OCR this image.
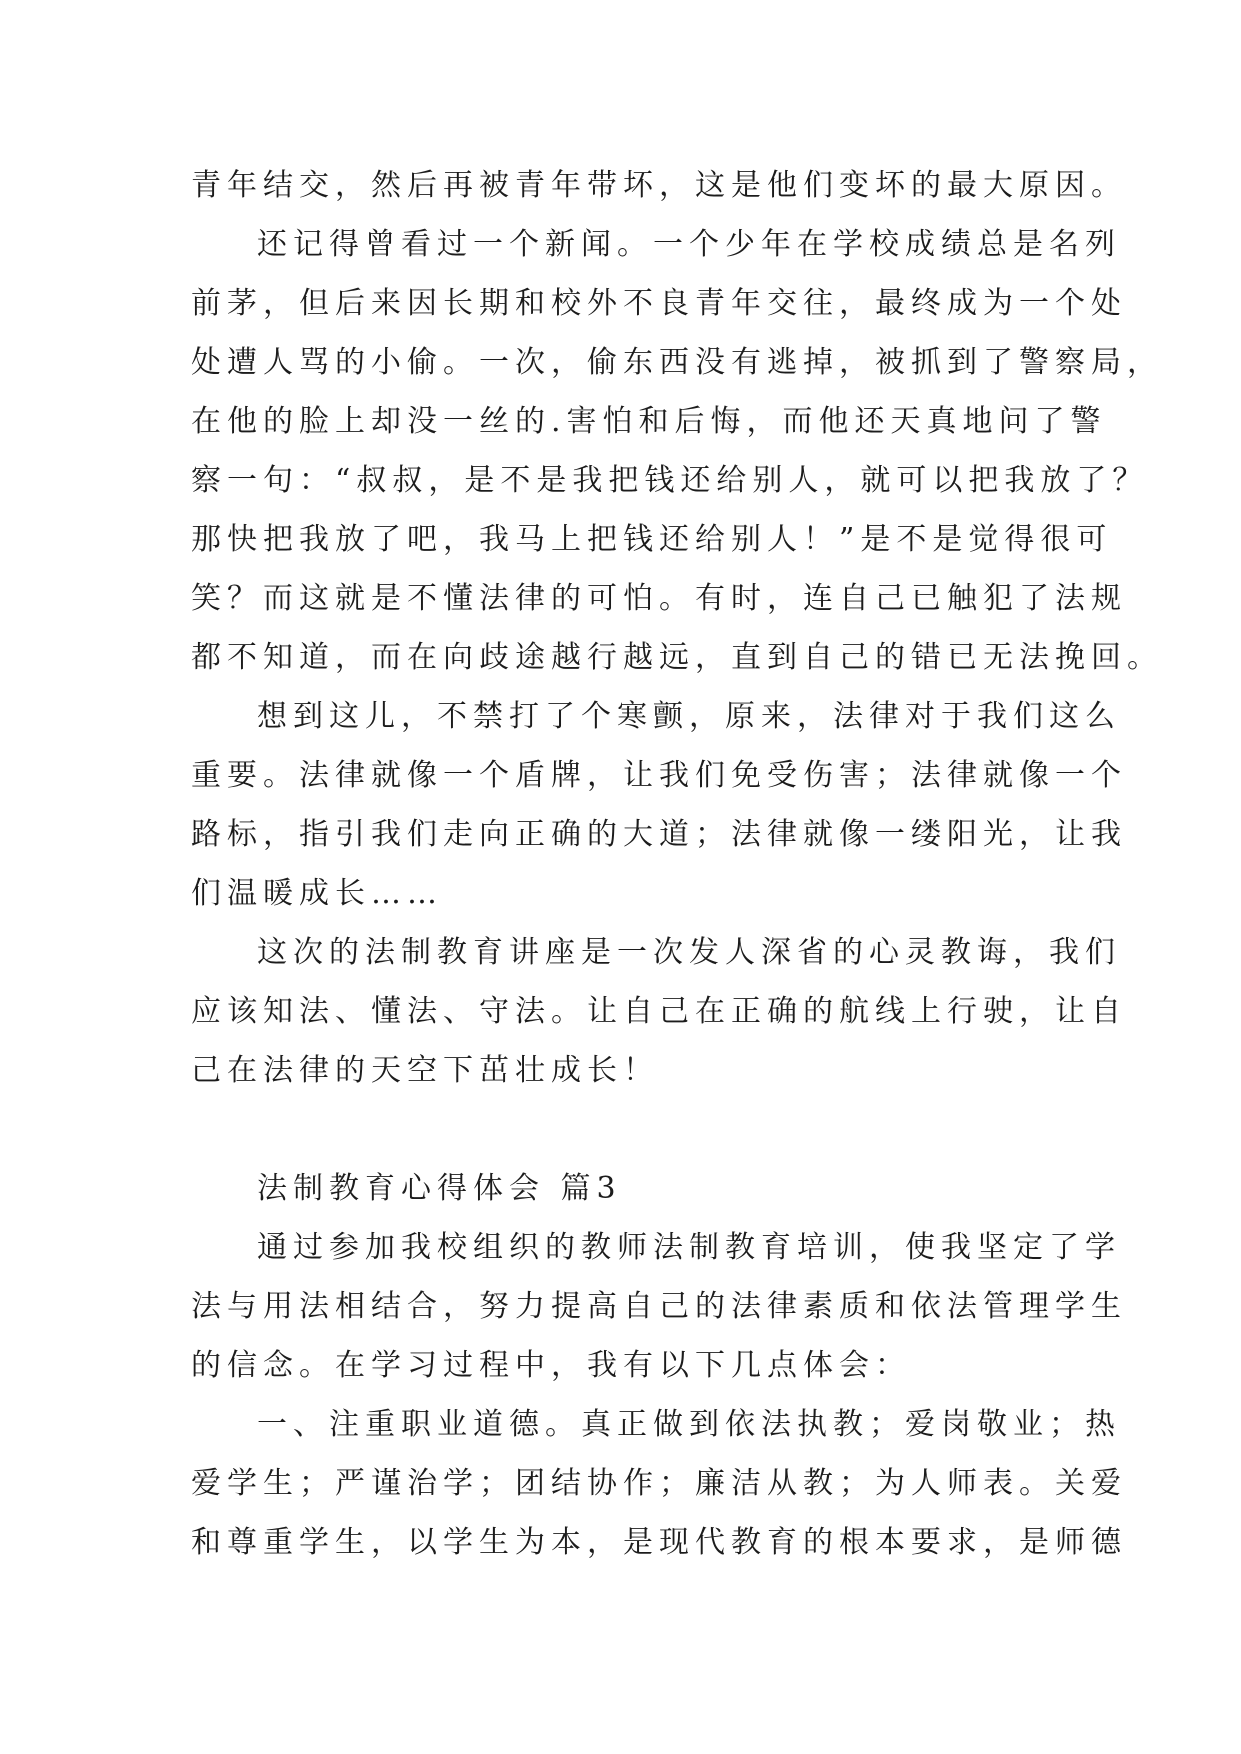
青年结交，然后再被青年带坏，这是他们变坏的最大原因。
还记得曾看过一个新闻。一个少年在学校成绩总是名列
前茅，但后来因长期和校外不良青年交往，最终成为一个处
处遭人骂的小偷。一次，偷东西没有逃掉，被抓到了警察局，
在他的脸上却没一丝的.害怕和后悔，而他还天真地问了警
察一句：“叔叔，是不是我把钱还给别人，就可以把我放了？
那快把我放了吧，我马上把钱还给别人！”是不是觉得很可
笑？而这就是不懂法律的可怕。有时，连自己已触犯了法规
都不知道，而在向歧途越行越远，直到自己的错已无法挽回。
想到这儿，不禁打了个寒颤，原来，法律对于我们这么
重要。法律就像一个盾牌，让我们免受伤害；法律就像一个
路标，指引我们走向正确的大道；法律就像一缕阳光，让我
们温暖成长……
这次的法制教育讲座是一次发人深省的心灵教诲，我们
应该知法、懂法、守法。让自己在正确的航线上行驶，让自
己在法律的天空下茁壮成长！
法制教育心得体会 篇3
通过参加我校组织的教师法制教育培训，使我坚定了学
法与用法相结合，努力提高自己的法律素质和依法管理学生
的信念。在学习过程中，我有以下几点体会：
一、注重职业道德。真正做到依法执教；爱岗敬业；热
爱学生；严谨治学；团结协作；廉洁从教；为人师表。关爱
和尊重学生，以学生为本，是现代教育的根本要求，是师德
